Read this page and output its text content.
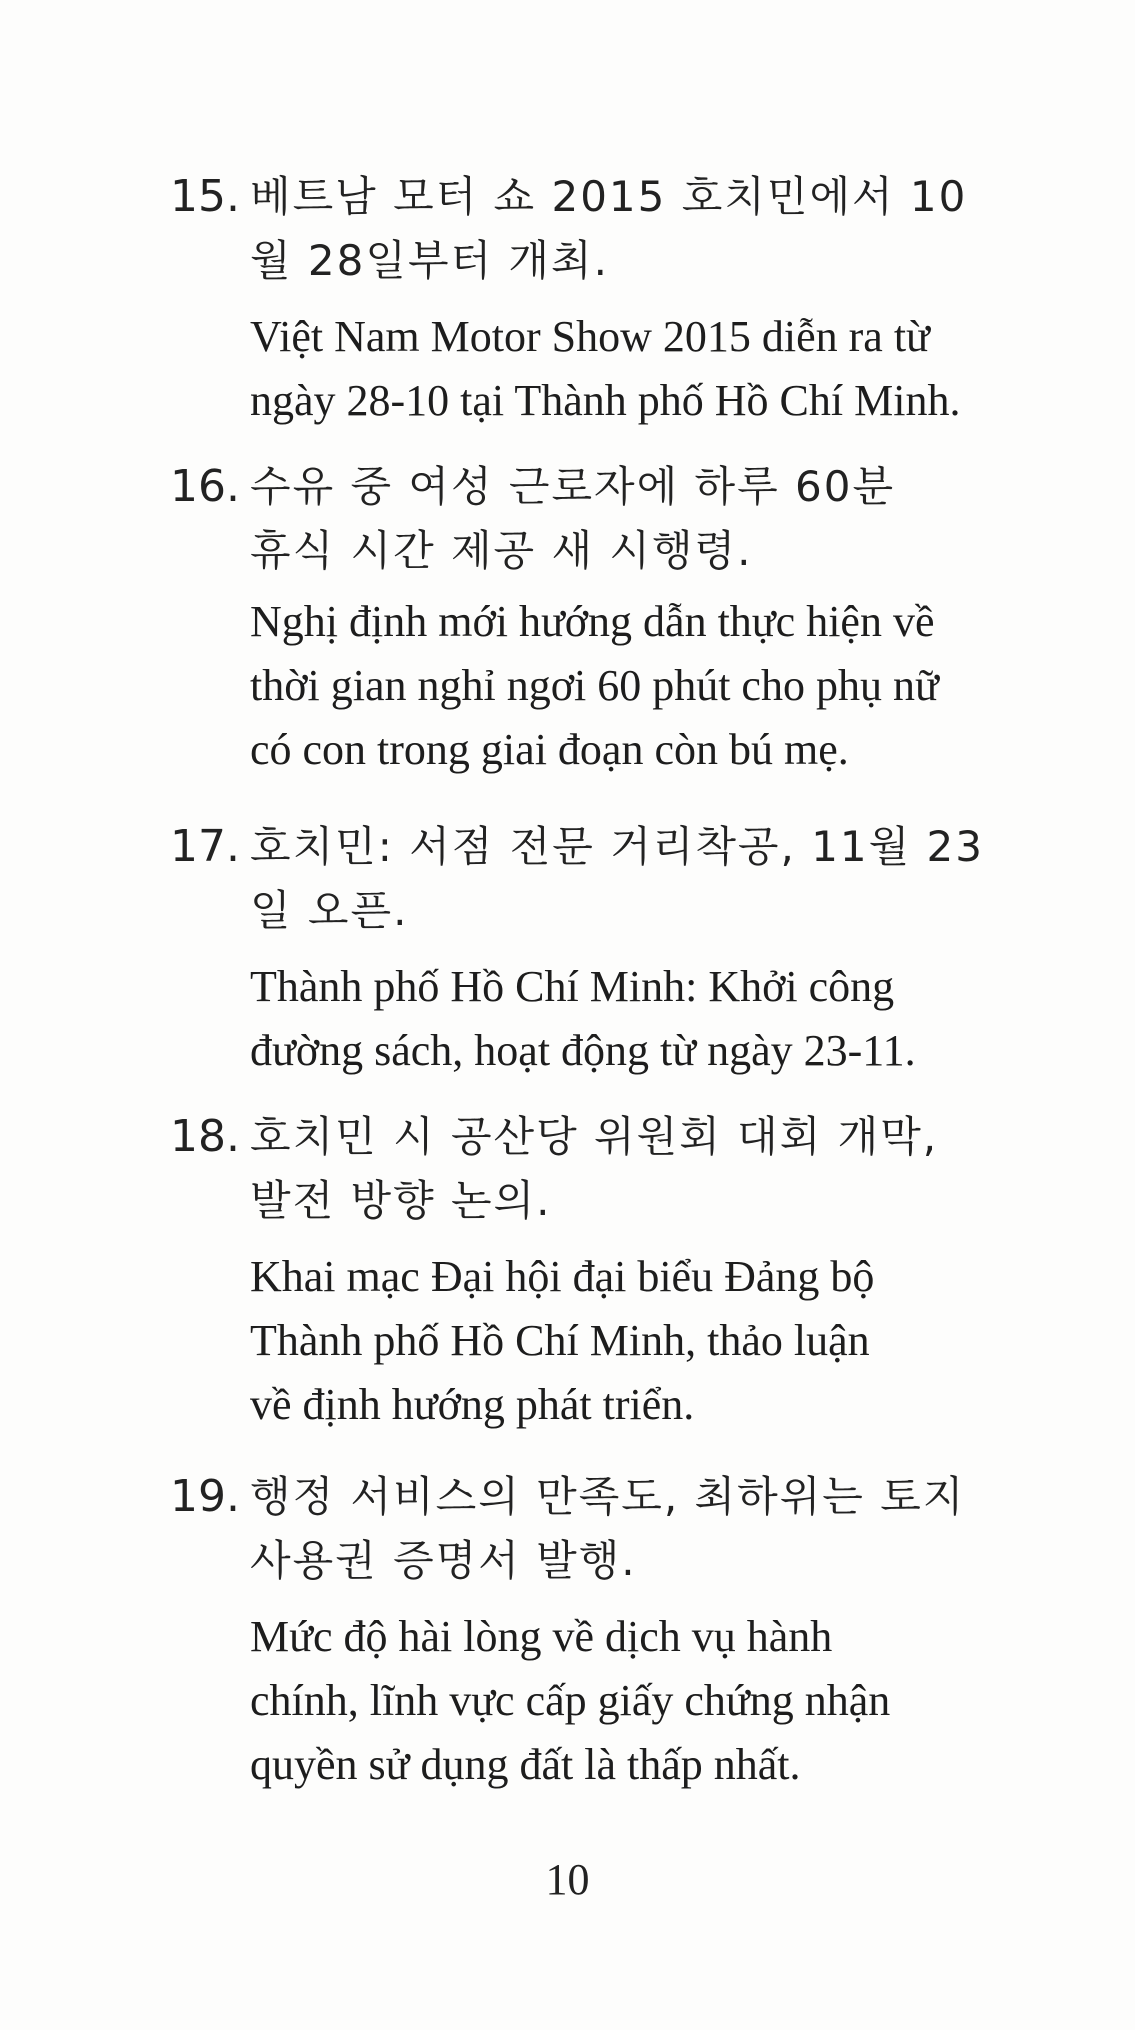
15. 베트남 모터 쇼 2015 호치민에서 10
월 28일부터 개최.
Việt Nam Motor Show 2015 diễn ra từ
ngày 28-10 tại Thành phố Hồ Chí Minh.
16. 수유 중 여성 근로자에 하루 60분
휴식 시간 제공 새 시행령.
Nghị định mới hướng dẫn thực hiện về
thời gian nghỉ ngơi 60 phút cho phụ nữ
có con trong giai đoạn còn bú mẹ.
17. 호치민: 서점 전문 거리착공, 11월 23
일 오픈.
Thành phố Hồ Chí Minh: Khởi công
đường sách, hoạt động từ ngày 23-11.
18. 호치민 시 공산당 위원회 대회 개막,
발전 방향 논의.
Khai mạc Đại hội đại biểu Đảng bộ
Thành phố Hồ Chí Minh, thảo luận
về định hướng phát triển.
19. 행정 서비스의 만족도, 최하위는 토지
사용권 증명서 발행.
Mức độ hài lòng về dịch vụ hành
chính, lĩnh vực cấp giấy chứng nhận
quyền sử dụng đất là thấp nhất.
10
